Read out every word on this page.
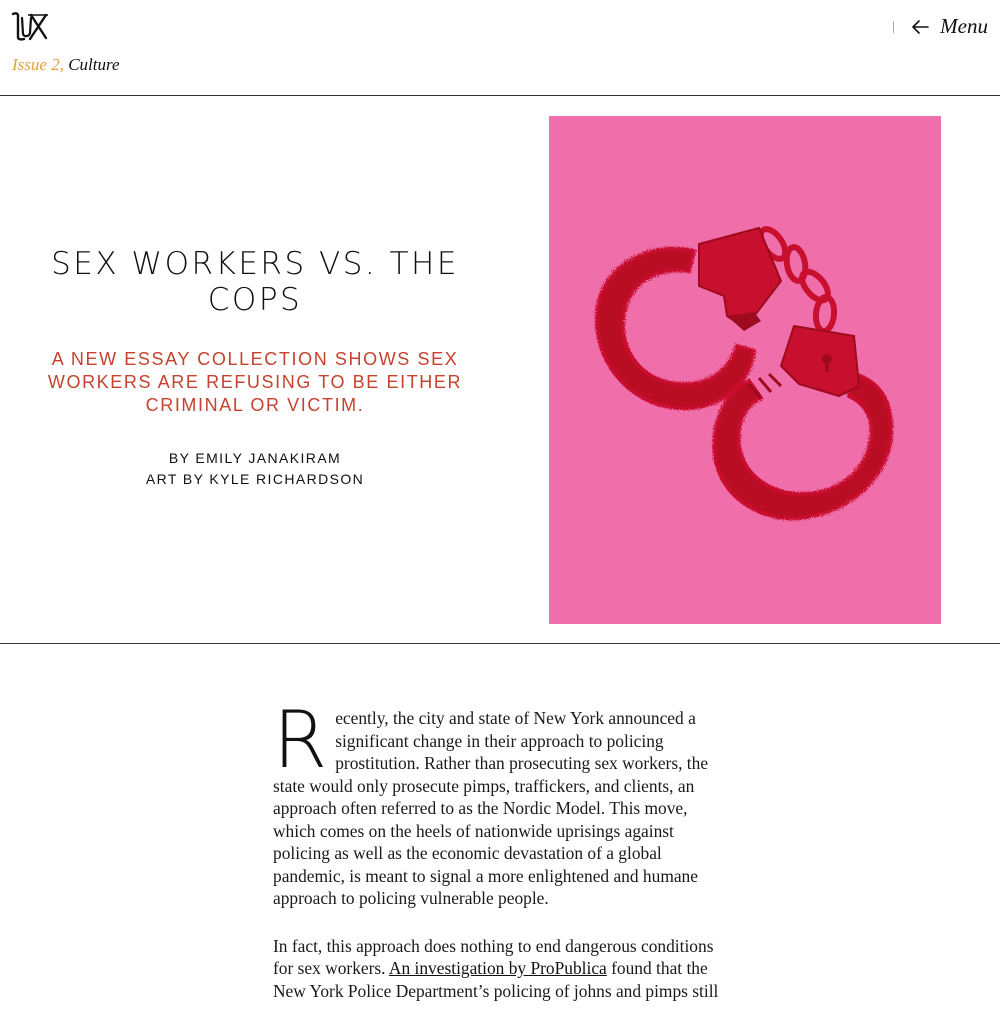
Issue 2, Culture
Menu
SEX WORKERS VS. THE COPS
A NEW ESSAY COLLECTION SHOWS SEX WORKERS ARE REFUSING TO BE EITHER CRIMINAL OR VICTIM.
BY EMILY JANAKIRAM
ART BY KYLE RICHARDSON

R ecently, the city and state of New York announced a significant change in their approach to policing prostitution. Rather than prosecuting sex workers, the state would only prosecute pimps, traffickers, and clients, an approach often referred to as the Nordic Model. This move, which comes on the heels of nationwide uprisings against policing as well as the economic devastation of a global pandemic, is meant to signal a more enlightened and humane approach to policing vulnerable people.

In fact, this approach does nothing to end dangerous conditions for sex workers. An investigation by ProPublica found that the New York Police Department’s policing of johns and pimps still
